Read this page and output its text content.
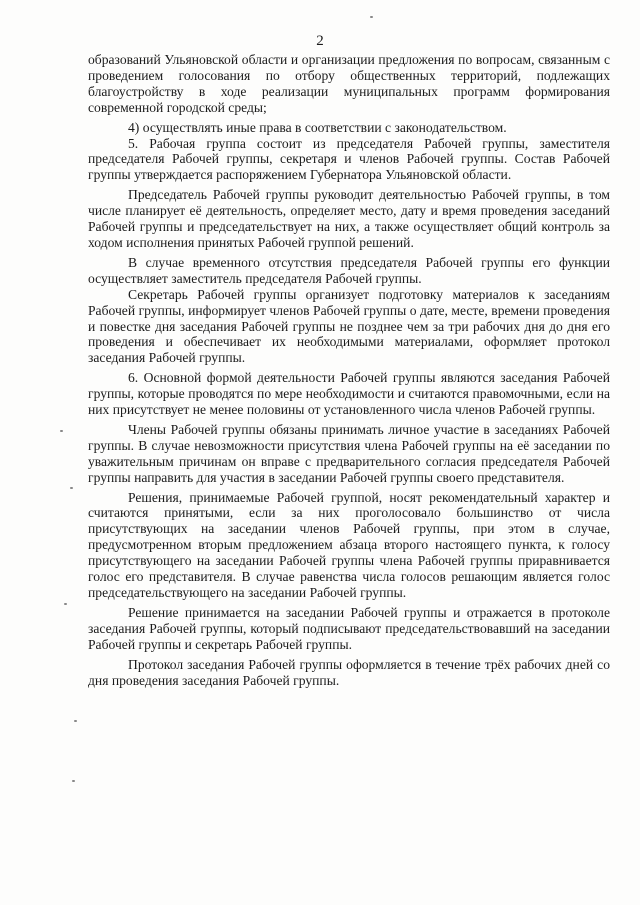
2

образований Ульяновской области и организации предложения по вопросам, связанным с проведением голосования по отбору общественных территорий, подлежащих благоустройству в ходе реализации муниципальных программ формирования современной городской среды;

4) осуществлять иные права в соответствии с законодательством.

5. Рабочая группа состоит из председателя Рабочей группы, заместителя председателя Рабочей группы, секретаря и членов Рабочей группы. Состав Рабочей группы утверждается распоряжением Губернатора Ульяновской области.

Председатель Рабочей группы руководит деятельностью Рабочей группы, в том числе планирует её деятельность, определяет место, дату и время проведения заседаний Рабочей группы и председательствует на них, а также осуществляет общий контроль за ходом исполнения принятых Рабочей группой решений.

В случае временного отсутствия председателя Рабочей группы его функции осуществляет заместитель председателя Рабочей группы.

Секретарь Рабочей группы организует подготовку материалов к заседаниям Рабочей группы, информирует членов Рабочей группы о дате, месте, времени проведения и повестке дня заседания Рабочей группы не позднее чем за три рабочих дня до дня его проведения и обеспечивает их необходимыми материалами, оформляет протокол заседания Рабочей группы.

6. Основной формой деятельности Рабочей группы являются заседания Рабочей группы, которые проводятся по мере необходимости и считаются правомочными, если на них присутствует не менее половины от установленного числа членов Рабочей группы.

Члены Рабочей группы обязаны принимать личное участие в заседаниях Рабочей группы. В случае невозможности присутствия члена Рабочей группы на её заседании по уважительным причинам он вправе с предварительного согласия председателя Рабочей группы направить для участия в заседании Рабочей группы своего представителя.

Решения, принимаемые Рабочей группой, носят рекомендательный характер и считаются принятыми, если за них проголосовало большинство от числа присутствующих на заседании членов Рабочей группы, при этом в случае, предусмотренном вторым предложением абзаца второго настоящего пункта, к голосу присутствующего на заседании Рабочей группы члена Рабочей группы приравнивается голос его представителя. В случае равенства числа голосов решающим является голос председательствующего на заседании Рабочей группы.

Решение принимается на заседании Рабочей группы и отражается в протоколе заседания Рабочей группы, который подписывают председательствовавший на заседании Рабочей группы и секретарь Рабочей группы.

Протокол заседания Рабочей группы оформляется в течение трёх рабочих дней со дня проведения заседания Рабочей группы.
